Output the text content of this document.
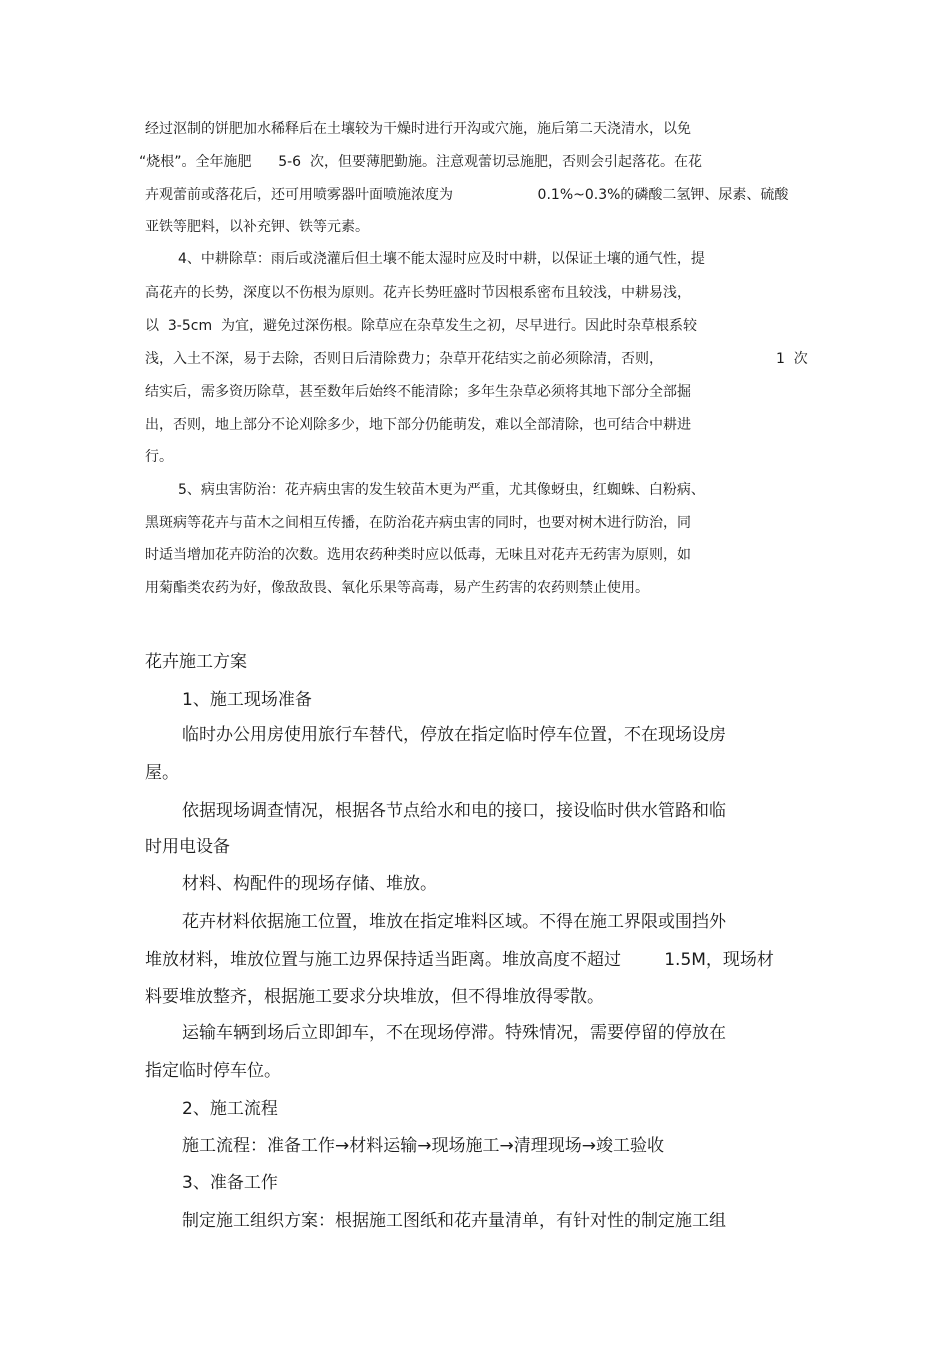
经过沤制的饼肥加水稀释后在土壤较为干燥时进行开沟或穴施，施后第二天浇清水，以免

“烧根”。全年施肥      5-6  次，但要薄肥勤施。注意观蕾切忌施肥，否则会引起落花。在花

卉观蕾前或落花后，还可用喷雾器叶面喷施浓度为                   0.1%~0.3%的磷酸二氢钾、尿素、硫酸

亚铁等肥料，以补充钾、铁等元素。

4、中耕除草：雨后或浇灌后但土壤不能太湿时应及时中耕，以保证土壤的通气性，提

高花卉的长势，深度以不伤根为原则。花卉长势旺盛时节因根系密布且较浅，中耕易浅，

以  3-5cm  为宜，避免过深伤根。除草应在杂草发生之初，尽早进行。因此时杂草根系较

浅，入土不深，易于去除，否则日后清除费力；杂草开花结实之前必须除清，否则，	1  次

结实后，需多资历除草，甚至数年后始终不能清除；多年生杂草必须将其地下部分全部掘

出，否则，地上部分不论刈除多少，地下部分仍能萌发，难以全部清除，也可结合中耕进

行。

5、病虫害防治：花卉病虫害的发生较苗木更为严重，尤其像蚜虫，红蜘蛛、白粉病、

黑斑病等花卉与苗木之间相互传播，在防治花卉病虫害的同时，也要对树木进行防治，同

时适当增加花卉防治的次数。选用农药种类时应以低毒，无味且对花卉无药害为原则，如

用菊酯类农药为好，像敌敌畏、氧化乐果等高毒，易产生药害的农药则禁止使用。

花卉施工方案

1、施工现场准备

临时办公用房使用旅行车替代，停放在指定临时停车位置，不在现场设房

屋。

依据现场调查情况，根据各节点给水和电的接口，接设临时供水管路和临

时用电设备

材料、构配件的现场存储、堆放。

花卉材料依据施工位置，堆放在指定堆料区域。不得在施工界限或围挡外

堆放材料，堆放位置与施工边界保持适当距离。堆放高度不超过        1.5M，现场材

料要堆放整齐，根据施工要求分块堆放，但不得堆放得零散。

运输车辆到场后立即卸车，不在现场停滞。特殊情况，需要停留的停放在

指定临时停车位。

2、施工流程

施工流程：准备工作→材料运输→现场施工→清理现场→竣工验收

3、准备工作

制定施工组织方案：根据施工图纸和花卉量清单，有针对性的制定施工组
